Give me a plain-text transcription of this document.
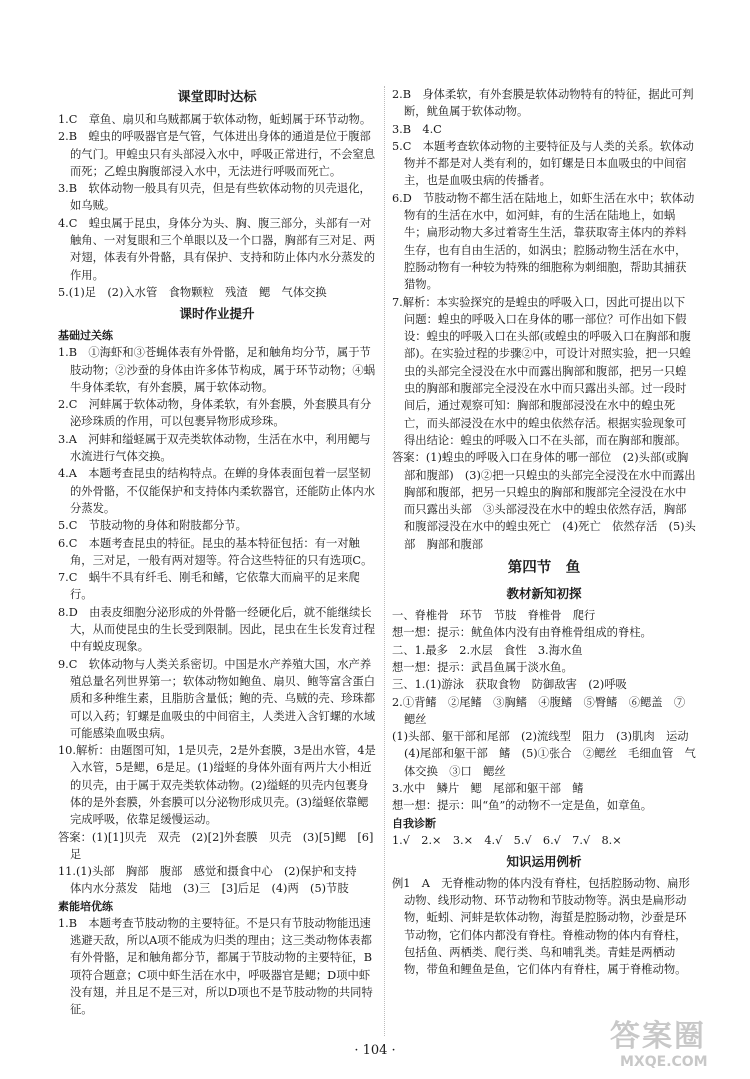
课堂即时达标

1.C　章鱼、扇贝和乌贼都属于软体动物，蚯蚓属于环节动物。

2.B　蝗虫的呼吸器官是气管，气体进出身体的通道是位于腹部的气门。甲蝗虫只有头部浸入水中，呼吸正常进行，不会窒息而死；乙蝗虫胸腹部浸入水中，无法进行呼吸而死亡。

3.B　软体动物一般具有贝壳，但是有些软体动物的贝壳退化，如乌贼。

4.C　蝗虫属于昆虫，身体分为头、胸、腹三部分，头部有一对触角、一对复眼和三个单眼以及一个口器，胸部有三对足、两对翅，体表有外骨骼，具有保护、支持和防止体内水分蒸发的作用。

5.(1)足　(2)入水管　食物颗粒　残渣　鳃　气体交换

课时作业提升
基础过关练

1.B　①海虾和③苍蝇体表有外骨骼，足和触角均分节，属于节肢动物；②沙蚕的身体由许多体节构成，属于环节动物；④蜗牛身体柔软，有外套膜，属于软体动物。

2.C　河蚌属于软体动物，身体柔软，有外套膜，外套膜具有分泌珍珠质的作用，可以包裹异物形成珍珠。

3.A　河蚌和缢蛏属于双壳类软体动物，生活在水中，利用鳃与水流进行气体交换。

4.A　本题考查昆虫的结构特点。在蝉的身体表面包着一层坚韧的外骨骼，不仅能保护和支持体内柔软器官，还能防止体内水分蒸发。

5.C　节肢动物的身体和附肢都分节。

6.C　本题考查昆虫的特征。昆虫的基本特征包括：有一对触角，三对足，一般有两对翅等。符合这些特征的只有选项C。

7.C　蜗牛不具有纤毛、刚毛和鳍，它依靠大而扁平的足来爬行。

8.D　由表皮细胞分泌形成的外骨骼一经硬化后，就不能继续长大，从而使昆虫的生长受到限制。因此，昆虫在生长发育过程中有蜕皮现象。

9.C　软体动物与人类关系密切。中国是水产养殖大国，水产养殖总量名列世界第一；软体动物如鲍鱼、扇贝、鲍等富含蛋白质和多种维生素，且脂肪含量低；鲍的壳、乌贼的壳、珍珠都可以入药；钉螺是血吸虫的中间宿主，人类进入含钉螺的水域可能感染血吸虫病。

10.解析：由题图可知，1是贝壳，2是外套膜，3是出水管，4是入水管，5是鳃，6是足。(1)缢蛏的身体外面有两片大小相近的贝壳，由于属于双壳类软体动物。(2)缢蛏的贝壳内包裹身体的是外套膜，外套膜可以分泌物形成贝壳。(3)缢蛏依靠鳃完成呼吸，依靠足缓慢运动。

答案：(1)[1]贝壳　双壳　(2)[2]外套膜　贝壳　(3)[5]鳃　[6]足

11.(1)头部　胸部　腹部　感觉和摄食中心　(2)保护和支持　体内水分蒸发　陆地　(3)三　[3]后足　(4)两　(5)节肢

素能培优练

1.B　本题考查节肢动物的主要特征。不是只有节肢动物能迅速逃避天敌，所以A项不能成为归类的理由；这三类动物体表都有外骨骼，足和触角都分节，都属于节肢动物的主要特征，B项符合题意；C项中虾生活在水中，呼吸器官是鳃；D项中虾没有翅，并且足不是三对，所以D项也不是节肢动物的共同特征。

2.B　身体柔软，有外套膜是软体动物特有的特征，据此可判断，鱿鱼属于软体动物。

3.B　4.C

5.C　本题考查软体动物的主要特征及与人类的关系。软体动物并不都是对人类有利的，如钉螺是日本血吸虫的中间宿主，也是血吸虫病的传播者。

6.D　节肢动物不都生活在陆地上，如虾生活在水中；软体动物有的生活在水中，如河蚌，有的生活在陆地上，如蜗牛；扁形动物大多过着寄生生活，靠获取寄主体内的养料生存，也有自由生活的，如涡虫；腔肠动物生活在水中，腔肠动物有一种较为特殊的细胞称为刺细胞，帮助其捕获猎物。

7.解析：本实验探究的是蝗虫的呼吸入口，因此可提出以下问题：蝗虫的呼吸入口在身体的哪一部位？可作出如下假设：蝗虫的呼吸入口在头部(或蝗虫的呼吸入口在胸部和腹部)。在实验过程的步骤②中，可设计对照实验，把一只蝗虫的头部完全浸没在水中而露出胸部和腹部，把另一只蝗虫的胸部和腹部完全浸没在水中而只露出头部。过一段时间后，通过观察可知：胸部和腹部浸没在水中的蝗虫死亡，而头部浸没在水中的蝗虫依然存活。根据实验现象可得出结论：蝗虫的呼吸入口不在头部，而在胸部和腹部。

答案：(1)蝗虫的呼吸入口在身体的哪一部位　(2)头部(或胸部和腹部)　(3)②把一只蝗虫的头部完全浸没在水中而露出胸部和腹部，把另一只蝗虫的胸部和腹部完全浸没在水中而只露出头部　③头部浸没在水中的蝗虫依然存活，胸部和腹部浸没在水中的蝗虫死亡　(4)死亡　依然存活　(5)头部　胸部和腹部

第四节　鱼
教材新知初探

一、脊椎骨　环节　节肢　脊椎骨　爬行

想一想：提示：鱿鱼体内没有由脊椎骨组成的脊柱。

二、1.最多　2.水层　食性　3.海水鱼

想一想：提示：武昌鱼属于淡水鱼。

三、1.(1)游泳　获取食物　防御敌害　(2)呼吸

2.①背鳍　②尾鳍　③胸鳍　④腹鳍　⑤臀鳍　⑥鳃盖　⑦鳃丝

(1)头部、躯干部和尾部　(2)流线型　阻力　(3)肌肉　运动　(4)尾部和躯干部　鳍　(5)①张合　②鳃丝　毛细血管　气体交换　③口　鳃丝

3.水中　鳞片　鳃　尾部和躯干部　鳍

想一想：提示：叫“鱼”的动物不一定是鱼，如章鱼。

自我诊断

1.√　2.×　3.×　4.√　5.√　6.√　7.√　8.×

知识运用例析

例1　A　无脊椎动物的体内没有脊柱，包括腔肠动物、扁形动物、线形动物、环节动物和节肢动物等。涡虫是扁形动物，蚯蚓、河蚌是软体动物，海蜇是腔肠动物，沙蚕是环节动物，它们体内都没有脊柱。脊椎动物的体内有脊柱，包括鱼、两栖类、爬行类、鸟和哺乳类。青蛙是两栖动物，带鱼和鲤鱼是鱼，它们体内有脊柱，属于脊椎动物。

· 104 ·	答案圈
MXQE.COM
